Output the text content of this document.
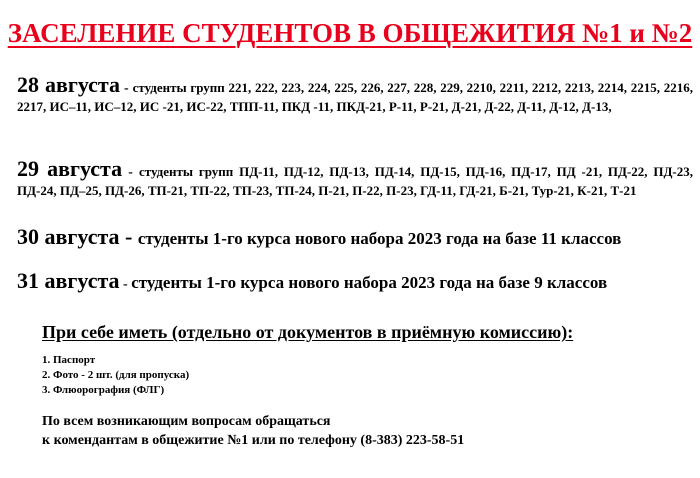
ЗАСЕЛЕНИЕ СТУДЕНТОВ В ОБЩЕЖИТИЯ №1 и №2
28 августа - студенты групп 221, 222, 223, 224, 225, 226, 227, 228, 229, 2210, 2211, 2212, 2213, 2214, 2215, 2216, 2217, ИС–11, ИС–12, ИС -21, ИС-22, ТПП-11, ПКД -11, ПКД-21, Р-11, Р-21, Д-21, Д-22, Д-11, Д-12, Д-13,
29 августа - студенты групп ПД-11, ПД-12, ПД-13, ПД-14, ПД-15, ПД-16, ПД-17, ПД -21, ПД-22, ПД-23, ПД-24, ПД–25, ПД-26, ТП-21, ТП-22, ТП-23, ТП-24, П-21, П-22, П-23, ГД-11, ГД-21, Б-21, Тур-21, К-21, Т-21
30 августа - студенты 1-го курса нового набора 2023 года на базе 11 классов
31 августа - студенты 1-го курса нового набора 2023 года на базе 9 классов
При себе иметь (отдельно от документов в приёмную комиссию):
1. Паспорт
2. Фото - 2 шт. (для пропуска)
3. Флюорография (ФЛГ)
По всем возникающим вопросам обращаться
к комендантам в общежитие №1 или по телефону (8-383) 223-58-51
